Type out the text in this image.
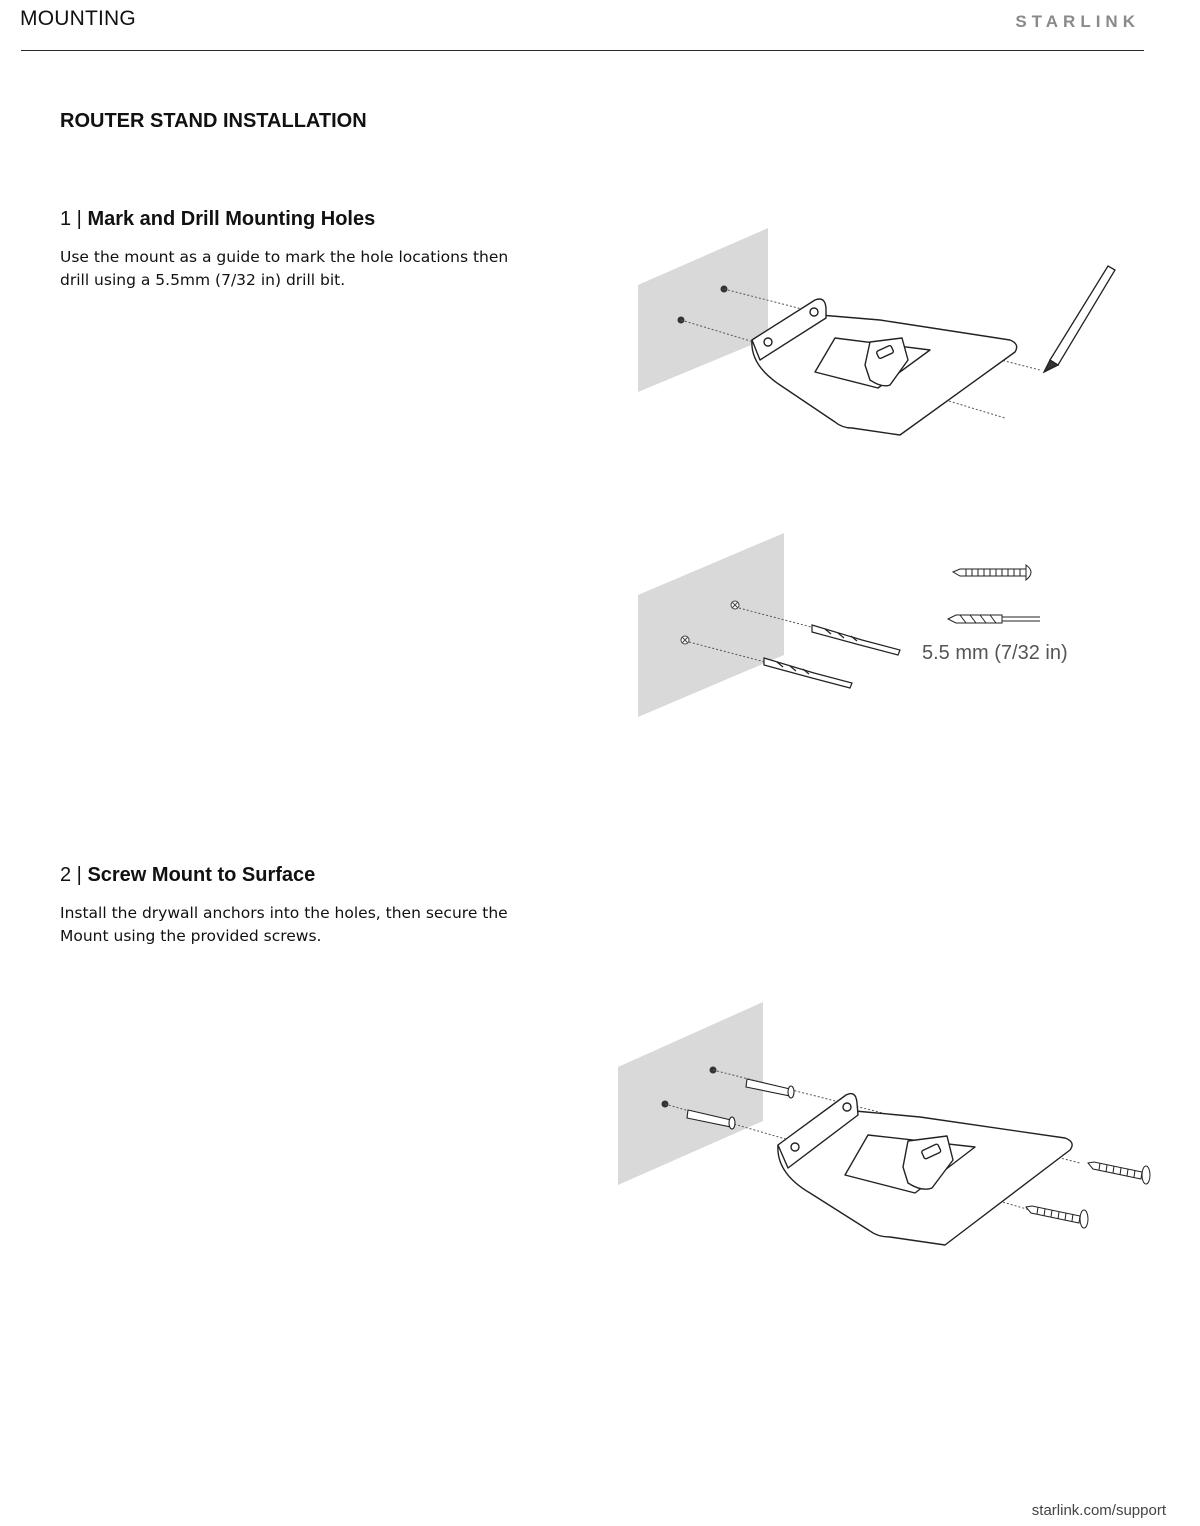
MOUNTING	STARLINK
ROUTER STAND INSTALLATION
1 | Mark and Drill Mounting Holes

Use the mount as a guide to mark the hole locations then drill using a 5.5mm (7/32 in) drill bit.

5.5 mm (7/32 in)
2 | Screw Mount to Surface

Install the drywall anchors into the holes, then secure the Mount using the provided screws.

starlink.com/support
